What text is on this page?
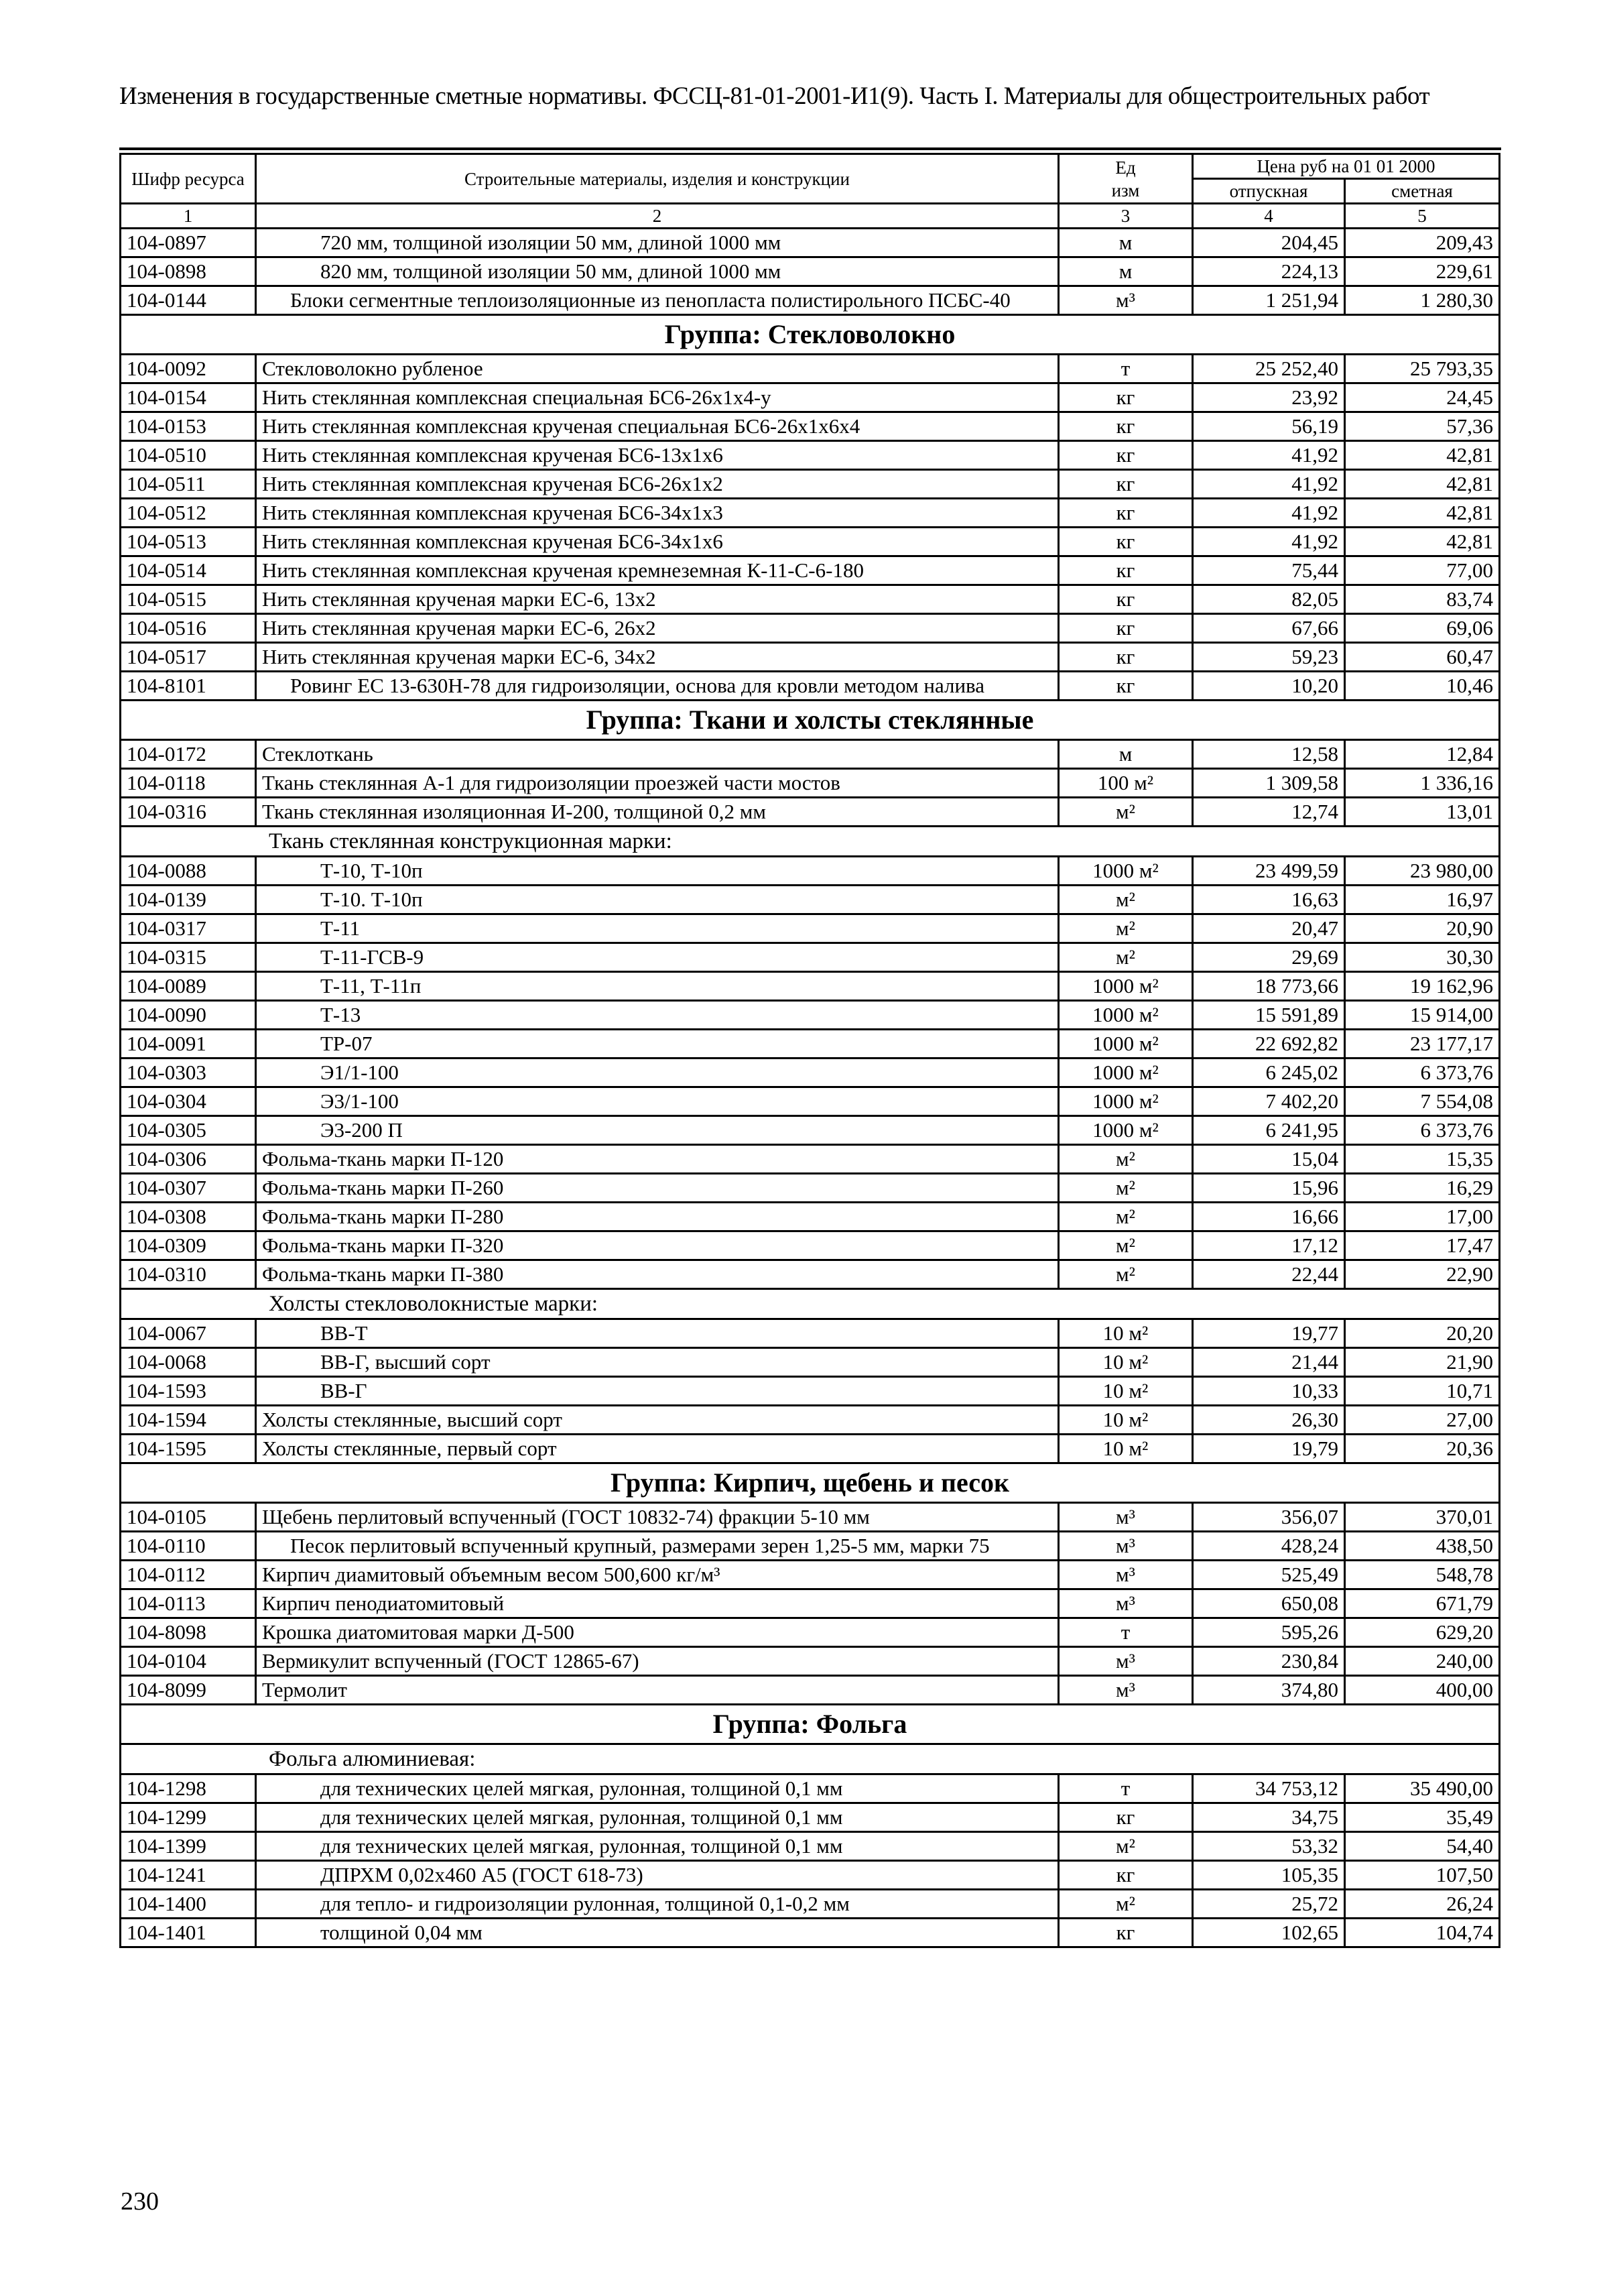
Изменения в государственные сметные нормативы. ФССЦ-81-01-2001-И1(9). Часть I. Материалы для общестроительных работ
Шифр ресурса	Строительные материалы, изделия и конструкции	Ед изм	Цена руб на 01 01 2000	
			отпускная	сметная
1	2	3	4	5
104-0897	720 мм, толщиной изоляции 50 мм, длиной 1000 мм	м	204,45	209,43
104-0898	820 мм, толщиной изоляции 50 мм, длиной 1000 мм	м	224,13	229,61
104-0144	Блоки сегментные теплоизоляционные из пенопласта полистирольного ПСБС-40	м³	1 251,94	1 280,30
Группа: Стекловолокно				
104-0092	Стекловолокно рубленое	т	25 252,40	25 793,35
104-0154	Нить стеклянная комплексная специальная БС6-26х1х4-у	кг	23,92	24,45
104-0153	Нить стеклянная комплексная крученая специальная БС6-26х1х6х4	кг	56,19	57,36
104-0510	Нить стеклянная комплексная крученая БС6-13х1х6	кг	41,92	42,81
104-0511	Нить стеклянная комплексная крученая БС6-26х1х2	кг	41,92	42,81
104-0512	Нить стеклянная комплексная крученая БС6-34х1х3	кг	41,92	42,81
104-0513	Нить стеклянная комплексная крученая БС6-34х1х6	кг	41,92	42,81
104-0514	Нить стеклянная комплексная крученая кремнеземная К-11-С-6-180	кг	75,44	77,00
104-0515	Нить стеклянная крученая марки ЕС-6, 13х2	кг	82,05	83,74
104-0516	Нить стеклянная крученая марки ЕС-6, 26х2	кг	67,66	69,06
104-0517	Нить стеклянная крученая марки ЕС-6, 34х2	кг	59,23	60,47
104-8101	Ровинг ЕС 13-630Н-78 для гидроизоляции, основа для кровли методом налива	кг	10,20	10,46
Группа: Ткани и холсты стеклянные				
104-0172	Стеклоткань	м	12,58	12,84
104-0118	Ткань стеклянная А-1 для гидроизоляции проезжей части мостов	100 м²	1 309,58	1 336,16
104-0316	Ткань стеклянная изоляционная И-200, толщиной 0,2 мм	м²	12,74	13,01
Ткань стеклянная конструкционная марки:				
104-0088	Т-10, Т-10п	1000 м²	23 499,59	23 980,00
104-0139	Т-10. Т-10п	м²	16,63	16,97
104-0317	Т-11	м²	20,47	20,90
104-0315	Т-11-ГСВ-9	м²	29,69	30,30
104-0089	Т-11, Т-11п	1000 м²	18 773,66	19 162,96
104-0090	Т-13	1000 м²	15 591,89	15 914,00
104-0091	ТР-07	1000 м²	22 692,82	23 177,17
104-0303	Э1/1-100	1000 м²	6 245,02	6 373,76
104-0304	Э3/1-100	1000 м²	7 402,20	7 554,08
104-0305	Э3-200 П	1000 м²	6 241,95	6 373,76
104-0306	Фольма-ткань марки П-120	м²	15,04	15,35
104-0307	Фольма-ткань марки П-260	м²	15,96	16,29
104-0308	Фольма-ткань марки П-280	м²	16,66	17,00
104-0309	Фольма-ткань марки П-320	м²	17,12	17,47
104-0310	Фольма-ткань марки П-380	м²	22,44	22,90
Холсты стекловолокнистые марки:				
104-0067	ВВ-Т	10 м²	19,77	20,20
104-0068	ВВ-Г, высший сорт	10 м²	21,44	21,90
104-1593	ВВ-Г	10 м²	10,33	10,71
104-1594	Холсты стеклянные, высший сорт	10 м²	26,30	27,00
104-1595	Холсты стеклянные, первый сорт	10 м²	19,79	20,36
Группа: Кирпич, щебень и песок				
104-0105	Щебень перлитовый вспученный (ГОСТ 10832-74) фракции 5-10 мм	м³	356,07	370,01
104-0110	Песок перлитовый вспученный крупный, размерами зерен 1,25-5 мм, марки 75	м³	428,24	438,50
104-0112	Кирпич диамитовый объемным весом 500,600 кг/м³	м³	525,49	548,78
104-0113	Кирпич пенодиатомитовый	м³	650,08	671,79
104-8098	Крошка диатомитовая марки Д-500	т	595,26	629,20
104-0104	Вермикулит вспученный (ГОСТ 12865-67)	м³	230,84	240,00
104-8099	Термолит	м³	374,80	400,00
Группа: Фольга				
Фольга алюминиевая:				
104-1298	для технических целей мягкая, рулонная, толщиной 0,1 мм	т	34 753,12	35 490,00
104-1299	для технических целей мягкая, рулонная, толщиной 0,1 мм	кг	34,75	35,49
104-1399	для технических целей мягкая, рулонная, толщиной 0,1 мм	м²	53,32	54,40
104-1241	ДПРХМ 0,02х460 А5 (ГОСТ 618-73)	кг	105,35	107,50
104-1400	для тепло- и гидроизоляции рулонная, толщиной 0,1-0,2 мм	м²	25,72	26,24
104-1401	толщиной 0,04 мм	кг	102,65	104,74
230
